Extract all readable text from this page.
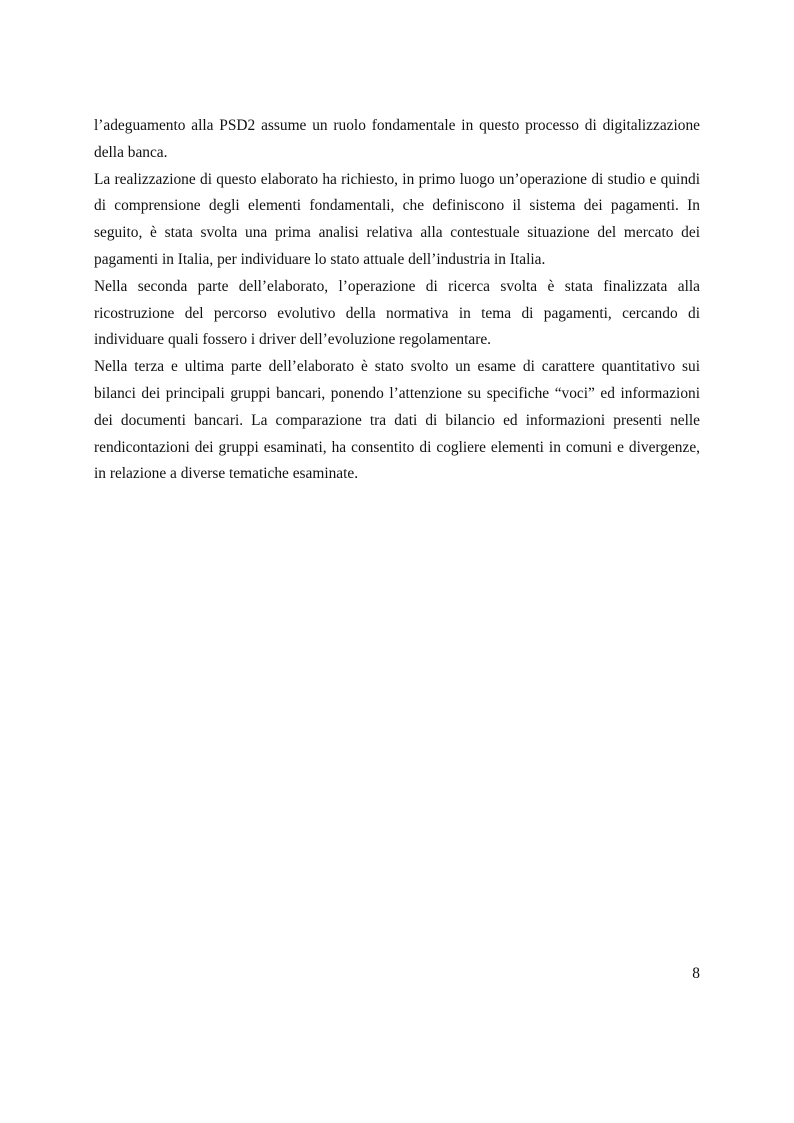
l’adeguamento alla PSD2 assume un ruolo fondamentale in questo processo di digitalizzazione della banca.

La realizzazione di questo elaborato ha richiesto, in primo luogo un’operazione di studio e quindi di comprensione degli elementi fondamentali, che definiscono il sistema dei pagamenti. In seguito, è stata svolta una prima analisi relativa alla contestuale situazione del mercato dei pagamenti in Italia, per individuare lo stato attuale dell’industria in Italia.

Nella seconda parte dell’elaborato, l’operazione di ricerca svolta è stata finalizzata alla ricostruzione del percorso evolutivo della normativa in tema di pagamenti, cercando di individuare quali fossero i driver dell’evoluzione regolamentare.

Nella terza e ultima parte dell’elaborato è stato svolto un esame di carattere quantitativo sui bilanci dei principali gruppi bancari, ponendo l’attenzione su specifiche “voci” ed informazioni dei documenti bancari. La comparazione tra dati di bilancio ed informazioni presenti nelle rendicontazioni dei gruppi esaminati, ha consentito di cogliere elementi in comuni e divergenze, in relazione a diverse tematiche esaminate.

8
